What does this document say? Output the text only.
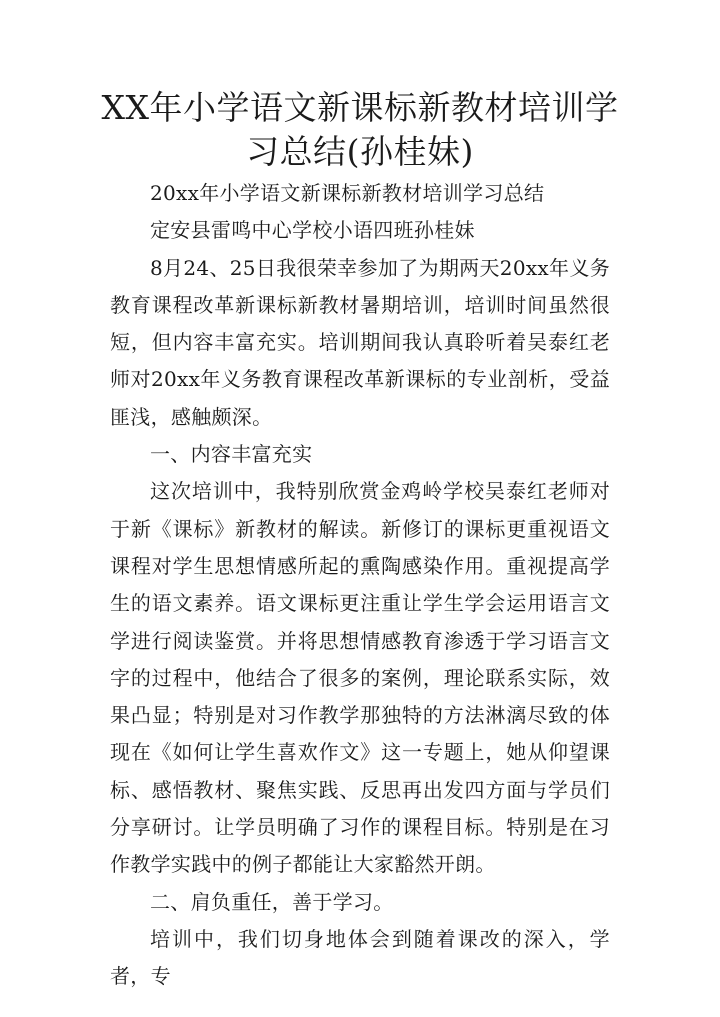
XX年小学语文新课标新教材培训学习总结(孙桂妹)

20xx年小学语文新课标新教材培训学习总结

定安县雷鸣中心学校小语四班孙桂妹

8月24、25日我很荣幸参加了为期两天20xx年义务教育课程改革新课标新教材暑期培训，培训时间虽然很短，但内容丰富充实。培训期间我认真聆听着吴泰红老师对20xx年义务教育课程改革新课标的专业剖析，受益匪浅，感触颇深。

一、内容丰富充实

这次培训中，我特别欣赏金鸡岭学校吴泰红老师对于新《课标》新教材的解读。新修订的课标更重视语文课程对学生思想情感所起的熏陶感染作用。重视提高学生的语文素养。语文课标更注重让学生学会运用语言文学进行阅读鉴赏。并将思想情感教育渗透于学习语言文字的过程中，他结合了很多的案例，理论联系实际，效果凸显；特别是对习作教学那独特的方法淋漓尽致的体现在《如何让学生喜欢作文》这一专题上，她从仰望课标、感悟教材、聚焦实践、反思再出发四方面与学员们分享研讨。让学员明确了习作的课程目标。特别是在习作教学实践中的例子都能让大家豁然开朗。

二、肩负重任，善于学习。

培训中，我们切身地体会到随着课改的深入，学者，专
